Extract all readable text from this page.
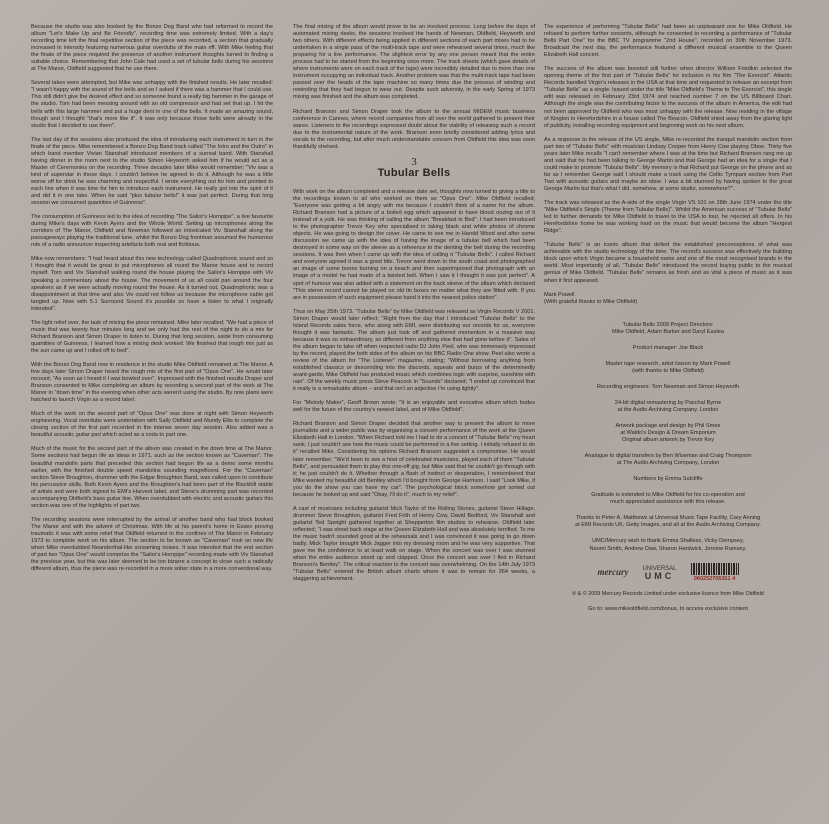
Because the studio was also booked by the Bonzo Dog Band who had reformed to record the album "Let's Make Up and Be Friendly", recording time was extremely limited. With a day's recording time left the final repetitive section of the piece was recorded, a section that gradually increased in intensity featuring numerous guitar overdubs of the main riff. With Mike feeling that the finale of the piece required the presence of another instrument thoughts turned to finding a suitable choice. Remembering that John Cale had used a set of tubular bells during his sessions at The Manor, Oldfield suggested that he use them.

Several takes were attempted, but Mike was unhappy with the finished results. He later recalled: "I wasn't happy with the sound of the bells and so I asked if there was a hammer that I could use. This still didn't give the desired effect and so someone found a really big hammer in the garage of the studio. Tom had been messing around with an old compressor and had set that up. I hit the bells with this large hammer and put a huge dent in one of the bells. It made an amazing sound, though and I thought "that's more like it". It was only because those bells were already in the studio that I decided to use them".

The last day of the sessions also produced the idea of introducing each instrument in turn in the finale of the piece. Mike remembered a Bonzo Dog Band track called "The Intro and the Outro" in which band member Vivian Stanshall introduced members of a surreal band. With Stanshall having dinner in the room next to the studio Simon Heyworth asked him if he would act as a Master of Ceremonies on the recording. Three decades later Mike would remember; "Viv was a kind of superstar in those days. I couldn't believe he agreed to do it. Although he was a little worse off for drink he was charming and respectful. I wrote everything out for him and pointed to each line when it was time for him to introduce each instrument. He really got into the spirit of it and did it in one take. When he said "plus tubular bells!" it was just perfect. During that long session we consumed quantities of Guinness".

The consumption of Guinness led to the idea of recording "The Sailor's Hornpipe", a live favourite during Mike's days with Kevin Ayers and the Whole World. Setting up microphones along the corridors of The Manor, Oldfield and Newman followed an intoxicated Viv Stanshall along the passageways playing the traditional tune, whilst the Bonzo Dog frontman assumed the humorous role of a radio announcer inspecting artefacts both real and fictitious.

Mike now remembers: "I had heard about this new technology called Quadrophonic sound and so I thought that it would be great to put microphones all round the Manor house and to record myself. Tom and Viv Stanshall walking round the house playing the Sailor's Hornpipe with Viv speaking a commentary about the house. The movement of us all could pan around the four speakers as if we were actually moving round the house. As it turned out, Quadrophonic was a disappointment at that time and also Viv could not follow us because the microphone cable got tangled up. Now with 5.1 Surround Sound it's possible so have a listen to what I originally intended".

The light relief over, the task of mixing the piece remained. Mike later recalled; "We had a piece of music that was twenty four minutes long and we only had the rest of the night to do a mix for Richard Branson and Simon Draper to listen to. During that long session, aside from consuming quantities of Guinness, I learned how a mixing desk worked. We finished that rough mix just as the sun came up and I rolled off to bed".

With the Bonzo Dog Band now in residence in the studio Mike Oldfield remained at The Manor. A few days later Simon Draper heard the rough mix of the first part of "Opus One". He would later recount; "As soon as I heard it I was bowled over". Impressed with the finished results Draper and Branson consented to Mike completing an album by recording a second part of the work at The Manor in "down time" in the evening when other acts weren't using the studio. By now plans were hatched to launch Virgin as a record label.

Much of the work on the second part of "Opus One" was done at night with Simon Heyworth engineering. Vocal overdubs were undertaken with Sally Oldfield and Mundy Ellis to complete the closing section of the first part recorded in the intense seven day session. Also added was a beautiful acoustic guitar part which acted as a coda to part one.

Much of the music for the second part of the album was created in the down time at The Manor. Some sections had begun life as ideas in 1971, such as the section known as "Caveman". The beautiful mandolin parts that preceded this section had begun life as a demo some months earlier, with the finished double speed mandolins sounding magnificent. For the "Caveman" section Steve Broughton, drummer with the Edgar Broughton Band, was called upon to contribute his percussive skills. Both Kevin Ayers and the Broughton's had been part of the Blackhill stable of artists and were both signed to EMI's Harvest label, and Steve's drumming part was recorded accompanying Oldfield's bass guitar line. When overdubbed with electric and acoustic guitars this section was one of the highlights of part two.

The recording sessions were interrupted by the arrival of another band who had block booked The Manor and with the advent of Christmas. With life at his parent's home in Essex proving traumatic it was with some relief that Oldfield returned to the confines of The Manor in February 1973 to complete work on his album. The section to be known as "Caveman" took on new life when Mike overdubbed Neanderthal-like screaming noises. It was intended that the end section of part two "Opus One" would comprise the "Sailor's Hornpipe" recording made with Viv Stanshall the previous year, but this was later deemed to be too bizarre a concept to close such a radically different album, thus the piece was re-recorded in a more sober state in a more conventional way.

The final mixing of the album would prove to be an involved process. Long before the days of automated mixing desks, the sessions involved the hands of Newman, Oldfield, Heyworth and two others. With different effects being applied in different sections of each part mixes had to be undertaken in a single pass of the multi-track tape and were rehearsed several times, much like preparing for a live performance. The slightest error by any one person meant that the entire process had to be started from the beginning once more. The track sheets (which gave details of where instruments were on each track of the tape) were incredibly detailed due to more than one instrument occupying an individual track. Another problem was that the multi-track tape had been passed over the heads of the tape machine so many times due the process of winding and rewinding that they had begun to wear out. Despite such adversity, in the early Spring of 1973 mixing was finished and the album was completed.

Richard Branson and Simon Draper took the album to the annual MIDEM music business conference in Cannes, where record companies from all over the world gathered to present their wares. Listeners to the recordings expressed doubt about the viability of releasing such a record due to the instrumental nature of the work. Branson even briefly considered adding lyrics and vocals to the recording, but after much understandable concern from Oldfield this idea was soon thankfully shelved.

3
Tubular Bells

With work on the album completed and a release date set, thoughts now turned to giving a title to the recordings known to all who worked on them as "Opus One". Mike Oldfield recalled; "Everyone was getting a bit angry with me because I couldn't think of a name for the album. Richard Branson had a picture of a boiled egg which appeared to have blood oozing out of it instead of a yolk. He was thinking of calling the album "Breakfast in Bed". I had been introduced to the photographer Trevor Key who specialised in taking black and white photos of chrome objects. He was going to design the cover. He came to see me in Harold Wood and after some discussion we came up with the idea of having the image of a tubular bell which had been destroyed in some way on the sleeve as a reference to the denting the bell during the recording sessions. It was then when I came up with the idea of calling it "Tubular Bells". I called Richard and everyone agreed it was a good title. Trevor went down to the south coast and photographed an image of some bones burning on a beach and then superimposed that photograph with an image of a model he had made of a twisted bell. When I saw it I thought it was just perfect". A spot of humour was also added with a statement on the back sleeve of the album which declared "This stereo record cannot be played on old tin boxes no matter what they are fitted with. If you are in possession of such equipment please hand it into the nearest police station".

Thus on May 25th 1973, "Tubular Bells" by Mike Oldfield was released as Virgin Records V 2001. Simon Draper would later reflect; "Right from the day that I introduced "Tubular Bells" to the Island Records sales force, who along with EMI, were distributing our records for us, everyone thought it was fantastic. The album just took off and gathered momentum in a massive way because it was so extraordinary, so different from anything else that had gone before it". Sales of the album began to take off when respected radio DJ John Peel, who was immensely impressed by the record, played the both sides of the album on his BBC Radio One show. Peel also wrote a review of the album for "The Listener" magazine, stating; "Without borrowing anything from established classics or descending into the discords, squeals and burps of the determinedly avant-garde, Mike Oldfield has produced music which combines logic with surprise, sunshine with rain". Of the weekly music press Steve Peacock in "Sounds" declared; "I ended up convinced that it really is a remarkable album – and that isn't an adjective I'm using lightly".

For "Melody Maker", Geoff Brown wrote; "It is an enjoyable and evocative album which bodes well for the future of the country's newest label, and of Mike Oldfield".

Richard Branson and Simon Draper decided that another way to present the album to more journalists and a wider public was by organising a concert performance of the work at the Queen Elizabeth Hall in London. "When Richard told me I had to do a concert of "Tubular Bells" my heart sank. I just couldn't see how the music could be performed in a live setting. I initially refused to do it" recalled Mike. Considering his options Richard Branson suggested a compromise. He would later remember; "We'd been to see a host of celebrated musicians, played each of them "Tubular Bells", and persuaded them to play this one-off gig, but Mike said that he couldn't go through with it; he just couldn't do it. Whether through a flash of instinct or desperation, I remembered that Mike wanted my beautiful old Bentley which I'd bought from George Harrison. I said "Look Mike, if you do the show you can have my car". The psychological block somehow got sorted out because he looked up and said "Okay, I'll do it", much to my relief".

A cast of musicians including guitarist Mick Taylor of the Rolling Stones, guitarist Steve Hillage, drummer Steve Broughton, guitarist Fred Frith of Henry Cow, David Bedford, Viv Stanshall and guitarist Ted Speight gathered together at Shepperton film studios to rehearse. Oldfield later reflected; "I was stood back stage at the Queen Elizabeth Hall and was absolutely terrified. To me the music hadn't sounded good at the rehearsals and I was convinced it was going to go down badly. Mick Taylor brought Mick Jagger into my dressing room and he was very supportive. That gave me the confidence to at least walk on stage. When the concert was over I was stunned when the entire audience stood up and clapped. Once the concert was over I fled in Richard Branson's Bentley". The critical reaction to the concert was overwhelming. On the 14th July 1973 "Tubular Bells" entered the British album charts where it was to remain for 264 weeks, a staggering achievement.

The experience of performing "Tubular Bells" had been an unpleasant one for Mike Oldfield. He refused to perform further concerts, although he consented to recording a performance of "Tubular Bells Part One" for the BBC TV programme "2nd House", recorded on 30th November 1973. Broadcast the next day, the performance featured a different musical ensemble to the Queen Elizabeth Hall concert.

The success of the album was boosted still further when director William Friedkin selected the opening theme of the first part of "Tubular Bells" for inclusion in his film "The Exorcist". Atlantic Records handled Virgin's releases in the USA at that time and requested to release an excerpt from "Tubular Bells" as a single. Issued under the title "Mike Oldfield's Theme to The Exorcist", this single edit was released on February 23rd 1974 and reached number 7 on the US Billboard Chart. Although the single was the contributing factor to the success of the album in America, the edit had not been approved by Oldfield who was most unhappy with the release. Now residing in the village of Kington in Herefordshire in a house called The Beacon, Oldfield shied away from the glaring light of publicity, installing recording equipment and beginning work on his next album.

As a response to the release of the US single, Mike re-recorded the tranquil mandolin section from part two of "Tubular Bells" with musician Lindsay Cooper from Henry Cow playing Oboe. Thirty five years later Mike recalls "I can't remember where I was at the time but Richard Branson rang me up and said that he had been talking to George Martin and that George had an idea for a single that I could make to promote "Tubular Bells". My memory is that Richard put George on the phone and as far as I remember George said I should make a track using the Celtic Tympani section from Part Two with acoustic guitars and maybe an oboe. I was a bit stunned by having spoken to the great George Martin but that's what I did, somehow, at some studio, somewhere?".

The track was released as the A-side of the single Virgin VS 101 on 28th June 1974 under the title "Mike Oldfield's Single (Theme from Tubular Bells)". Whilst the American success of "Tubular Bells" led to further demands for Mike Oldfield to travel to the USA to tour, he rejected all offers. In his Herefordshire home he was working hard on the music that would become the album "Hergest Ridge".

"Tubular Bells" is an iconic album that defied the established preconceptions of what was achievable with the studio technology of the time. The record's success was effectively the building block upon which Virgin became a household name and one of the most recognised brands in the world. Most importantly of all, "Tubular Bells" introduced the record buying public to the musical genius of Mike Oldfield. "Tubular Bells" remains as fresh and as vital a piece of music as it was when it first appeared.

Mark Powell
(With grateful thanks to Mike Oldfield)

Tubular Bells 2009 Project Directors:
Mike Oldfield, Adam Barker and Daryl Easlea

Product manager: Joe Black

Master tape research, artist liaison by Mark Powell
(with thanks to Mike Oldfield)

Recording engineers: Tom Newman and Simon Heyworth

24-bit digital remastering by Paschal Byrne
at the Audio Archiving Company, London

Artwork package and design by Phil Smee
at Waldo's Design & Dream Emporium
Original album artwork by Trevor Key

Analogue to digital transfers by Ben Wiseman and Craig Thompson
at The Audio Archiving Company, London

Numbers by Emma Sutcliffe

Gratitude is extended to Mike Oldfield for his co-operation and
much appreciated assistance with this release.

Thanks to Peter A. Matthews at Universal Music Tape Facility, Cary Anning
at EMI Records UK, Getty Images, and all at the Audio Archiving Company.

UMC/Mercury wish to thank Emma Shalless, Vicky Dempsey,
Naomi Smith, Andrew Daw, Sharon Hardwick, Jerome Ramsey.

mercury UNIVERSAL
UMC	060252705351 4
℗ & © 2009 Mercury Records Limited under exclusive licence from Mike Oldfield
Go to: www.mikeoldfield.com/bonus, to access exclusive content
